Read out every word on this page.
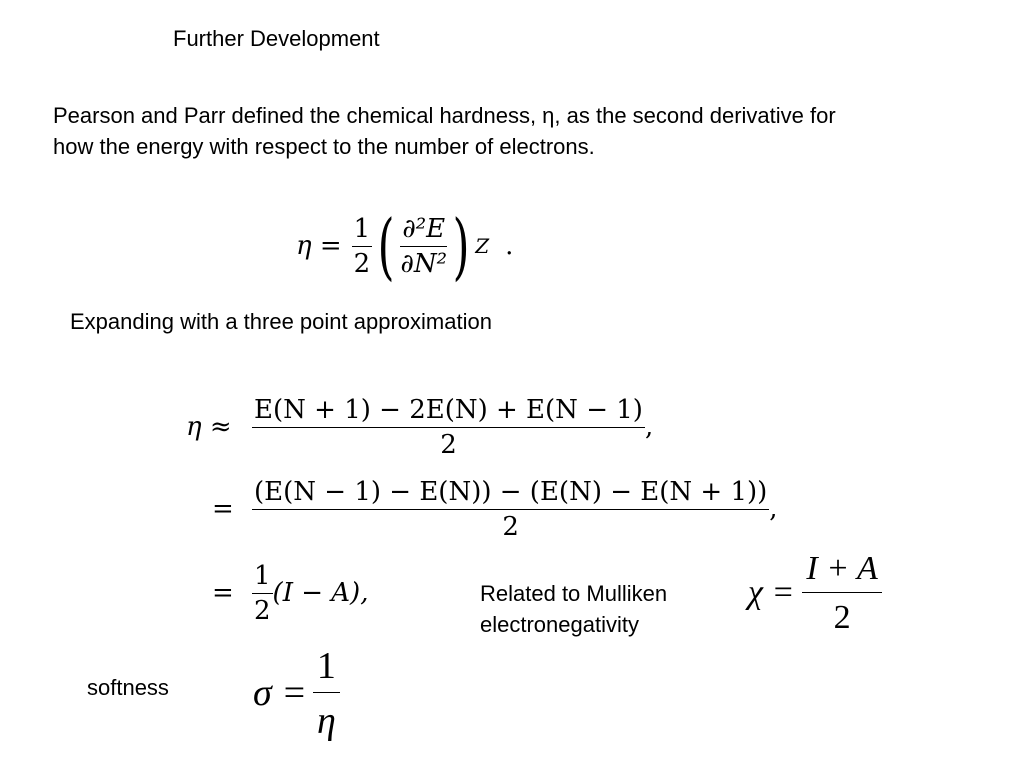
Further Development
Pearson and Parr defined the chemical hardness, η, as the second derivative for
how the energy with respect to the number of electrons.
$\eta = \frac{1}{2}$ ( $\frac{\text{∂²E}}{\text{∂N²}}$ ) Z .
Expanding with a three point approximation
$\eta \approx \frac{E(N + 1) - 2E(N) + E(N - 1)}{2}$ ,
= $\frac{(E(N - 1) - E(N)) - (E(N) - E(N + 1))}{2}$ ,
= $\frac{1}{2} (I - A)$,	Related to Mulliken
electronegativity
$\chi = \frac{I + A}{2}$
softness $\sigma = \frac{1}{\eta}$
